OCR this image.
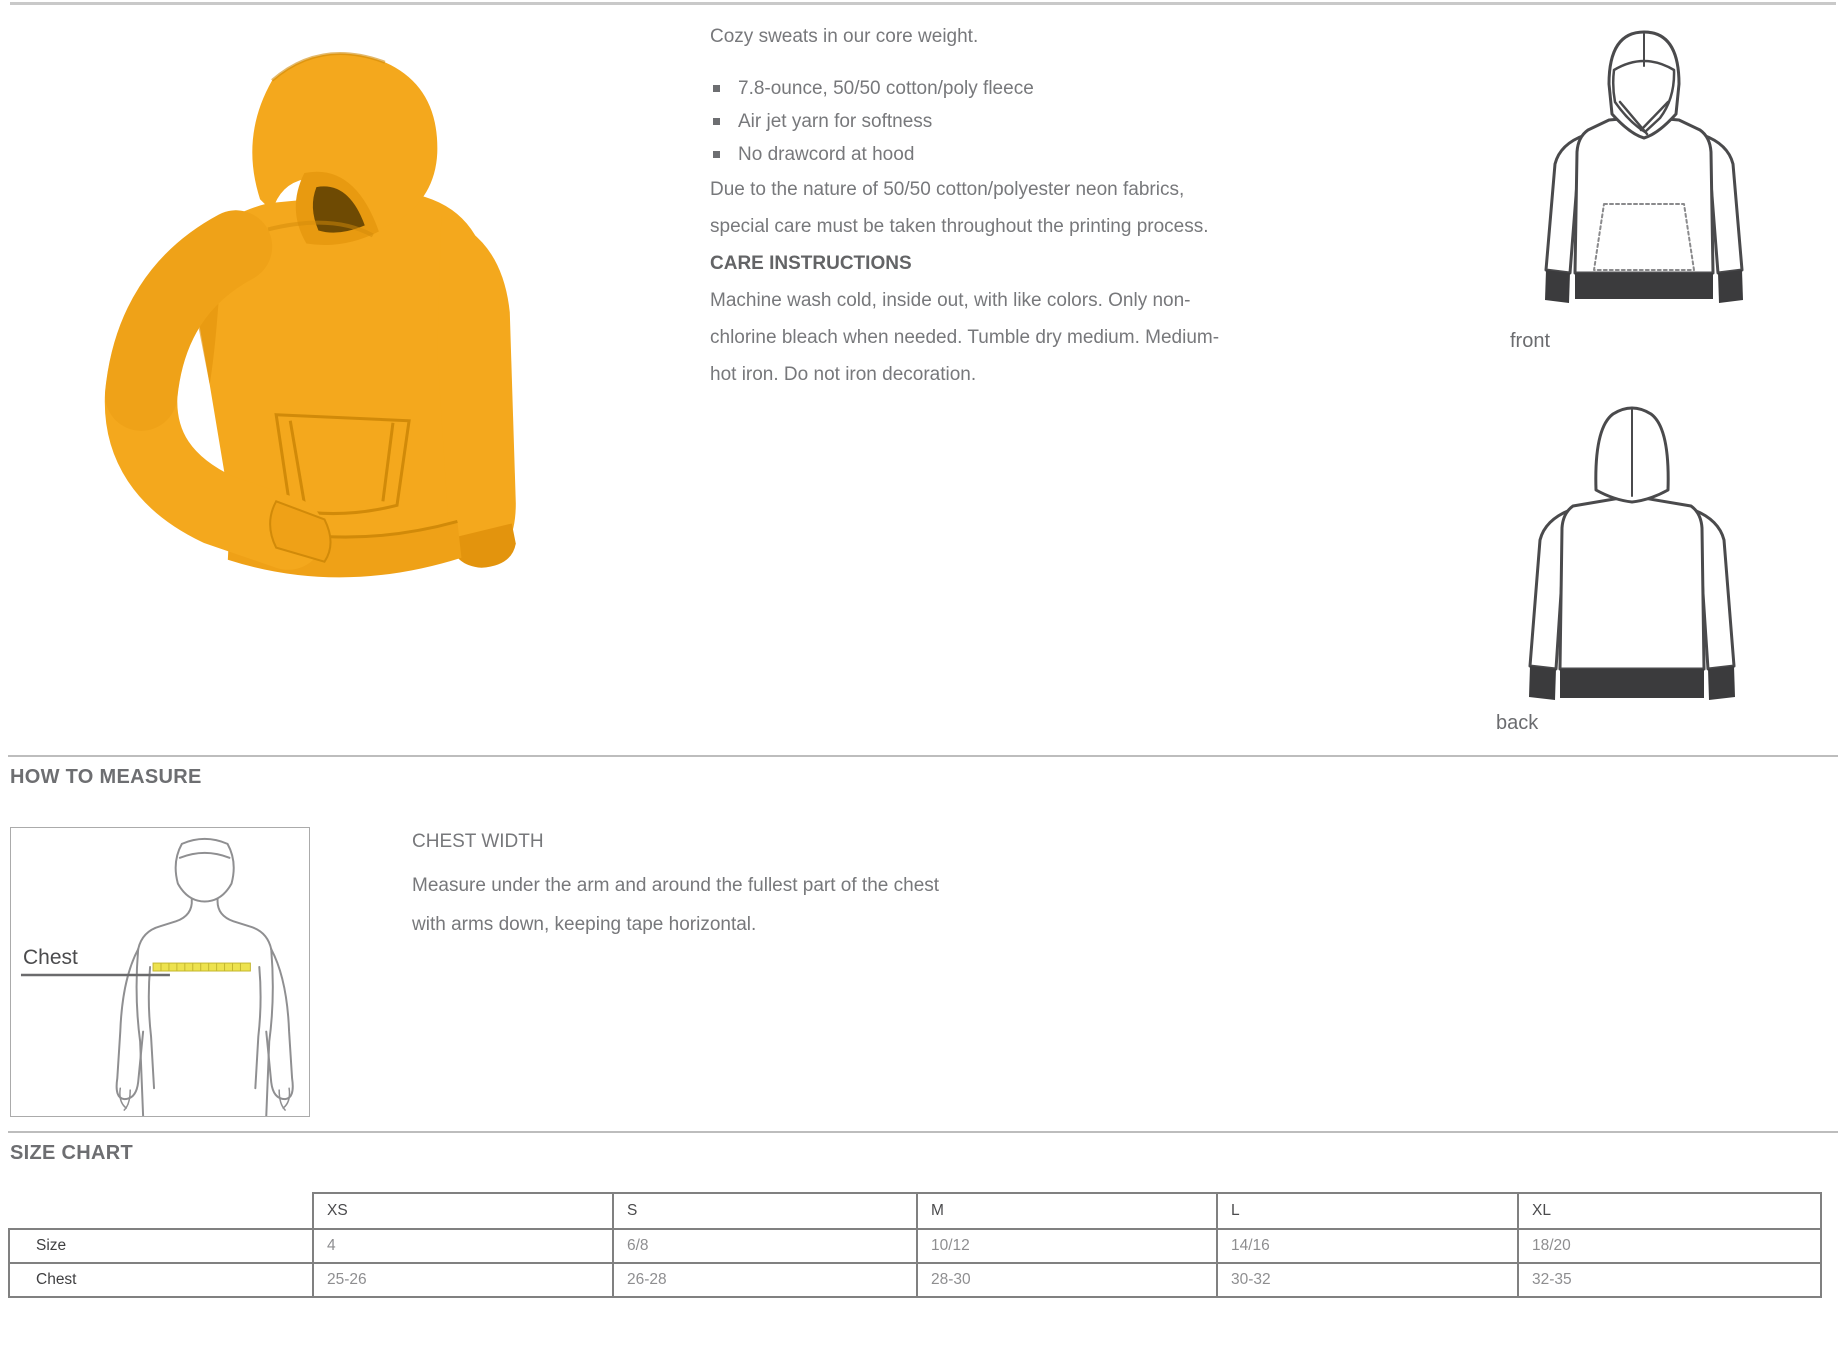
Cozy sweats in our core weight.

7.8-ounce, 50/50 cotton/poly fleece
Air jet yarn for softness
No drawcord at hood

Due to the nature of 50/50 cotton/polyester neon fabrics, special care must be taken throughout the printing process.

CARE INSTRUCTIONS

Machine wash cold, inside out, with like colors. Only non-chlorine bleach when needed. Tumble dry medium. Medium-hot iron. Do not iron decoration.

front
back
HOW TO MEASURE
Chest
CHEST WIDTH
Measure under the arm and around the fullest part of the chest with arms down, keeping tape horizontal.
SIZE CHART
	XS	S	M	L	XL
Size	4	6/8	10/12	14/16	18/20
Chest	25-26	26-28	28-30	30-32	32-35
